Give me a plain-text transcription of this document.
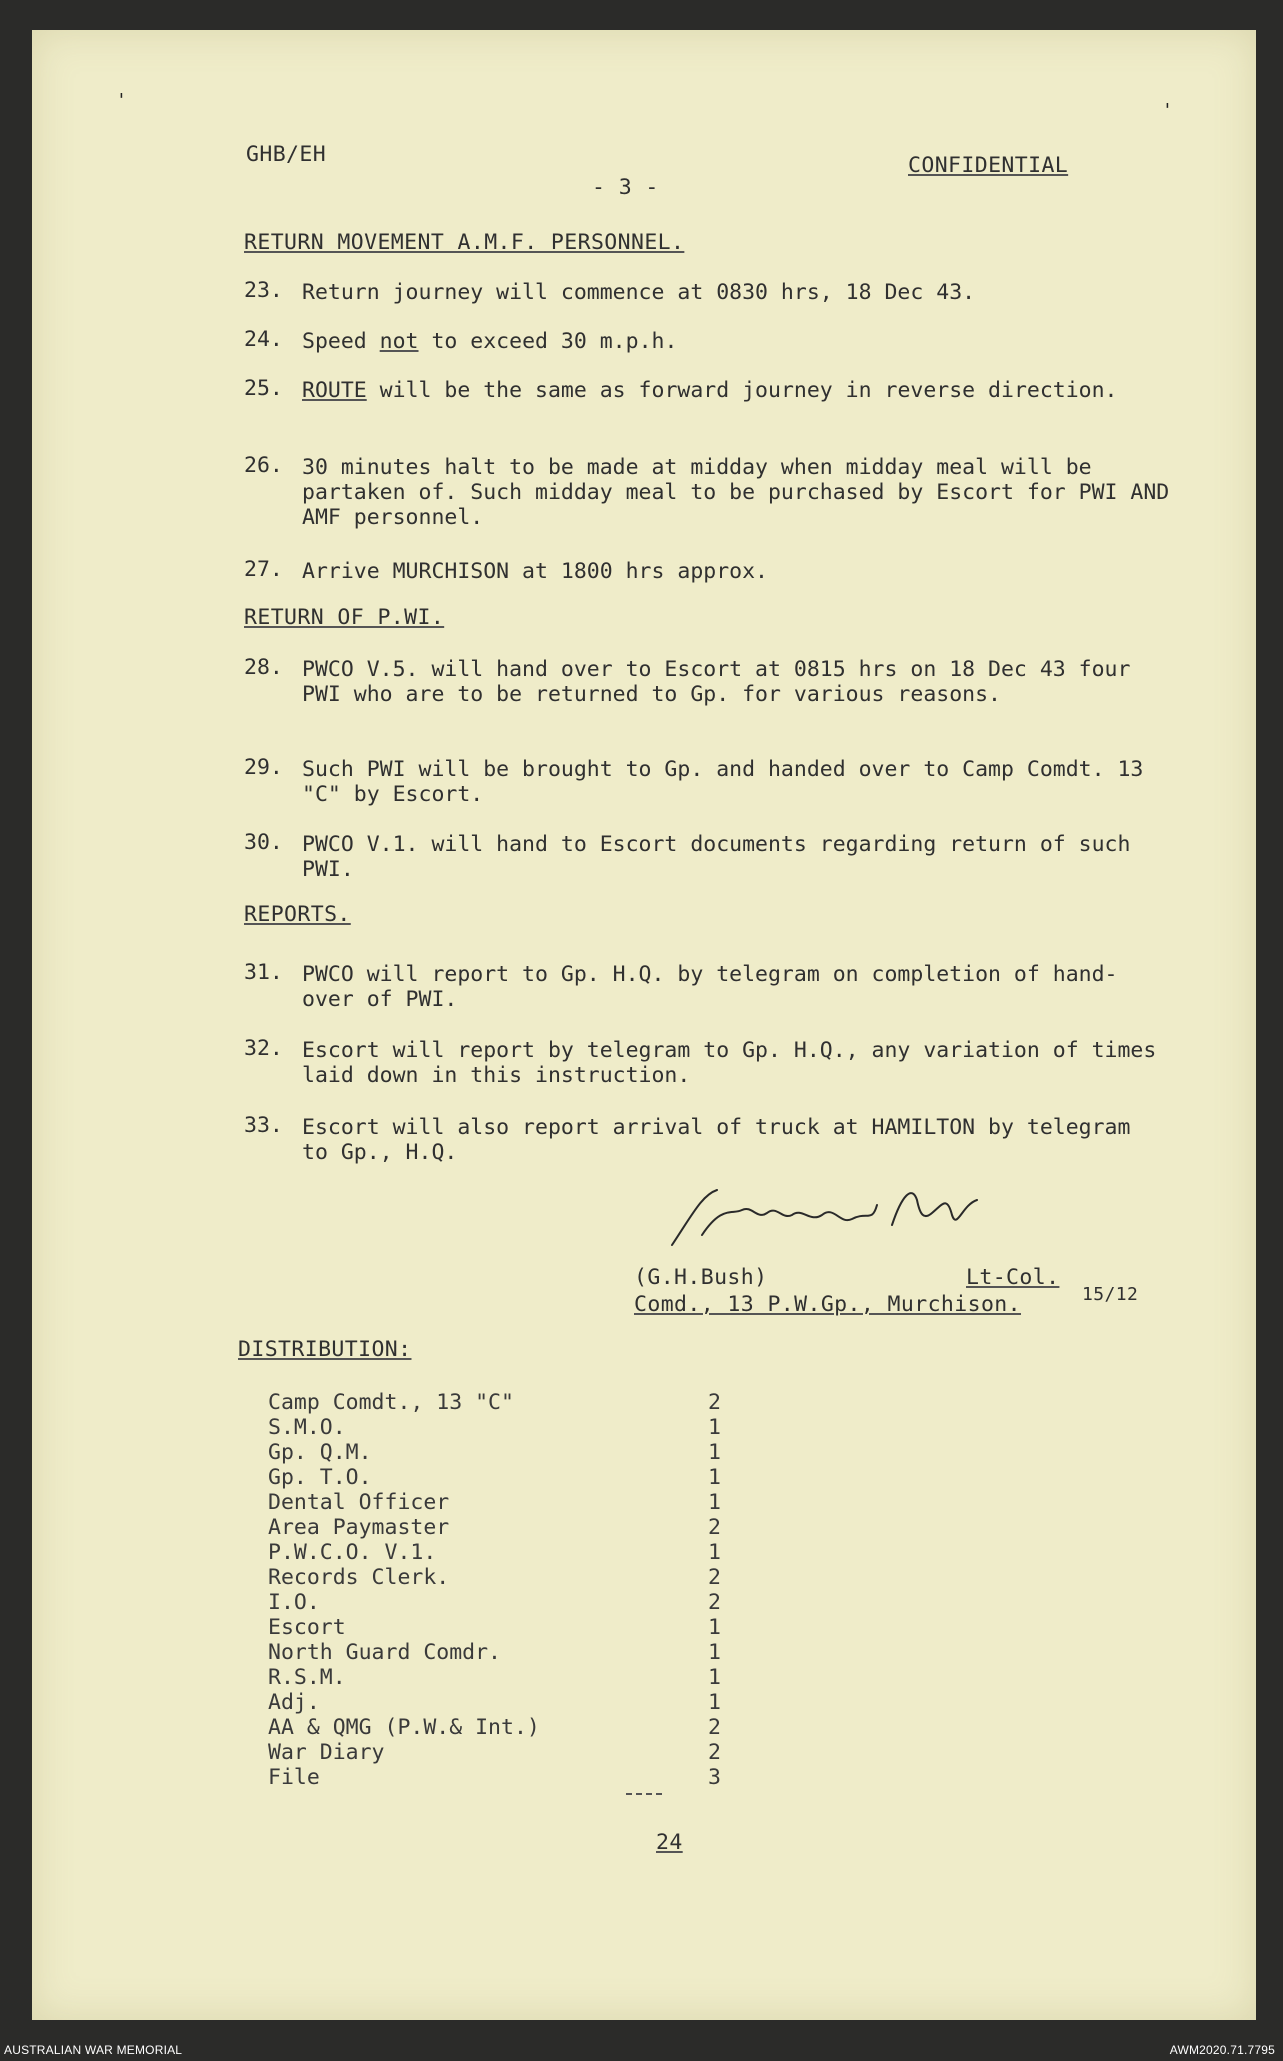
'	'
GHB/EH
- 3 -
CONFIDENTIAL
RETURN MOVEMENT A.M.F. PERSONNEL.
23. Return journey will commence at 0830 hrs, 18 Dec 43.
24. Speed not to exceed 30 m.p.h.
25. ROUTE will be the same as forward journey in reverse direction.
26. 30 minutes halt to be made at midday when midday meal will be partaken of. Such midday meal to be purchased by Escort for PWI AND AMF personnel.
27. Arrive MURCHISON at 1800 hrs approx.
RETURN OF P.WI.
28. PWCO V.5. will hand over to Escort at 0815 hrs on 18 Dec 43 four PWI who are to be returned to Gp. for various reasons.
29. Such PWI will be brought to Gp. and handed over to Camp Comdt. 13 "C" by Escort.
30. PWCO V.1. will hand to Escort documents regarding return of such PWI.
REPORTS.
31. PWCO will report to Gp. H.Q. by telegram on completion of hand-over of PWI.
32. Escort will report by telegram to Gp. H.Q., any variation of times laid down in this instruction.
33. Escort will also report arrival of truck at HAMILTON by telegram to Gp., H.Q.
(G.H.Bush)	Lt-Col.
Comd., 13 P.W.Gp., Murchison.	15/12
DISTRIBUTION:
Camp Comdt., 13 "C"	2
S.M.O.	1
Gp. Q.M.	1
Gp. T.O.	1
Dental Officer	1
Area Paymaster	2
P.W.C.O. V.1.	1
Records Clerk.	2
I.O.	2
Escort	1
North Guard Comdr.	1
R.S.M.	1
Adj.	1
AA & QMG (P.W.& Int.)	2
War Diary	2
File	3
24
AUSTRALIAN WAR MEMORIAL	AWM2020.71.7795
